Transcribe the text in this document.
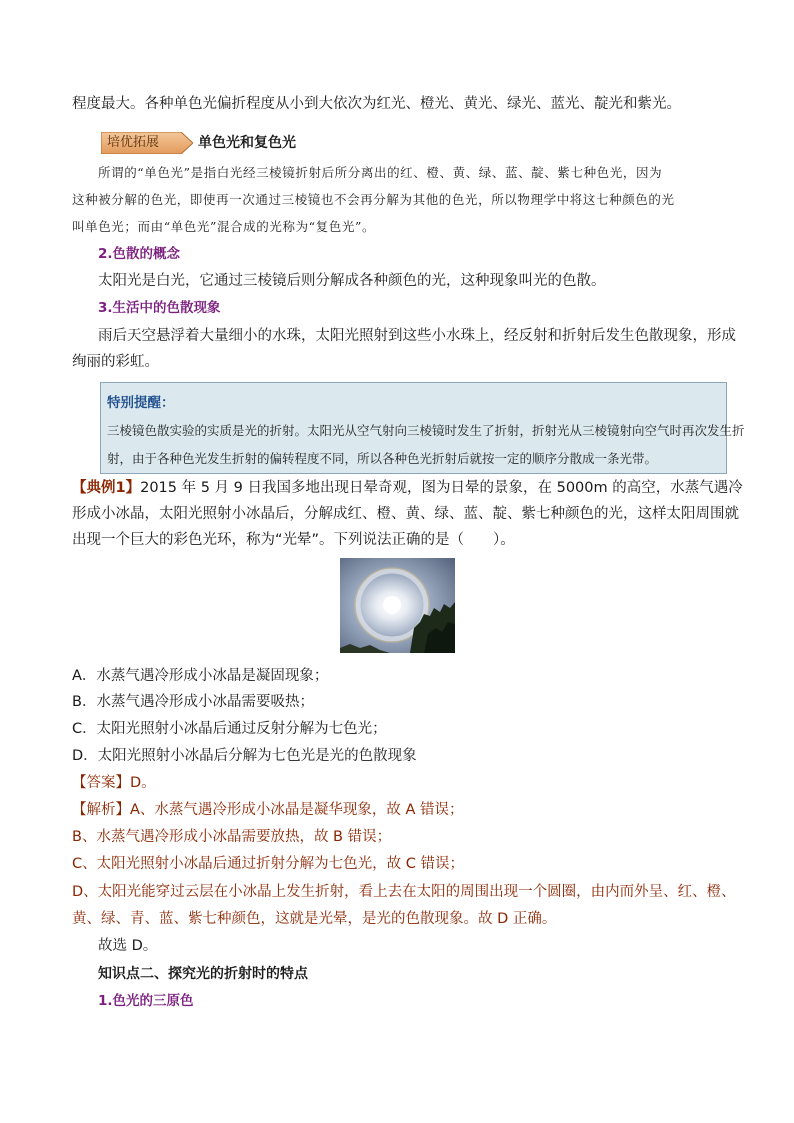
程度最大。各种单色光偏折程度从小到大依次为红光、橙光、黄光、绿光、蓝光、靛光和紫光。
培优拓展	单色光和复色光
所谓的“单色光”是指白光经三棱镜折射后所分离出的红、橙、黄、绿、蓝、靛、紫七种色光，因为
这种被分解的色光，即使再一次通过三棱镜也不会再分解为其他的色光，所以物理学中将这七种颜色的光
叫单色光；而由“单色光”混合成的光称为“复色光”。
2.色散的概念
太阳光是白光，它通过三棱镜后则分解成各种颜色的光，这种现象叫光的色散。
3.生活中的色散现象
雨后天空悬浮着大量细小的水珠，太阳光照射到这些小水珠上，经反射和折射后发生色散现象，形成
绚丽的彩虹。
特别提醒：
三棱镜色散实验的实质是光的折射。太阳光从空气射向三棱镜时发生了折射，折射光从三棱镜射向空气时再次发生折
射，由于各种色光发生折射的偏转程度不同，所以各种色光折射后就按一定的顺序分散成一条光带。
【典例1】2015 年 5 月 9 日我国多地出现日晕奇观，图为日晕的景象，在 5000m 的高空，水蒸气遇冷
形成小冰晶，太阳光照射小冰晶后，分解成红、橙、黄、绿、蓝、靛、紫七种颜色的光，这样太阳周围就
出现一个巨大的彩色光环，称为“光晕”。下列说法正确的是（　　）。
A．水蒸气遇冷形成小冰晶是凝固现象；
B．水蒸气遇冷形成小冰晶需要吸热；
C．太阳光照射小冰晶后通过反射分解为七色光；
D．太阳光照射小冰晶后分解为七色光是光的色散现象
【答案】D。
【解析】A、水蒸气遇冷形成小冰晶是凝华现象，故 A 错误；
B、水蒸气遇冷形成小冰晶需要放热，故 B 错误；
C、太阳光照射小冰晶后通过折射分解为七色光，故 C 错误；
D、太阳光能穿过云层在小冰晶上发生折射，看上去在太阳的周围出现一个圆圈，由内而外呈、红、橙、
黄、绿、青、蓝、紫七种颜色，这就是光晕，是光的色散现象。故 D 正确。
故选 D。
知识点二、探究光的折射时的特点
1.色光的三原色
